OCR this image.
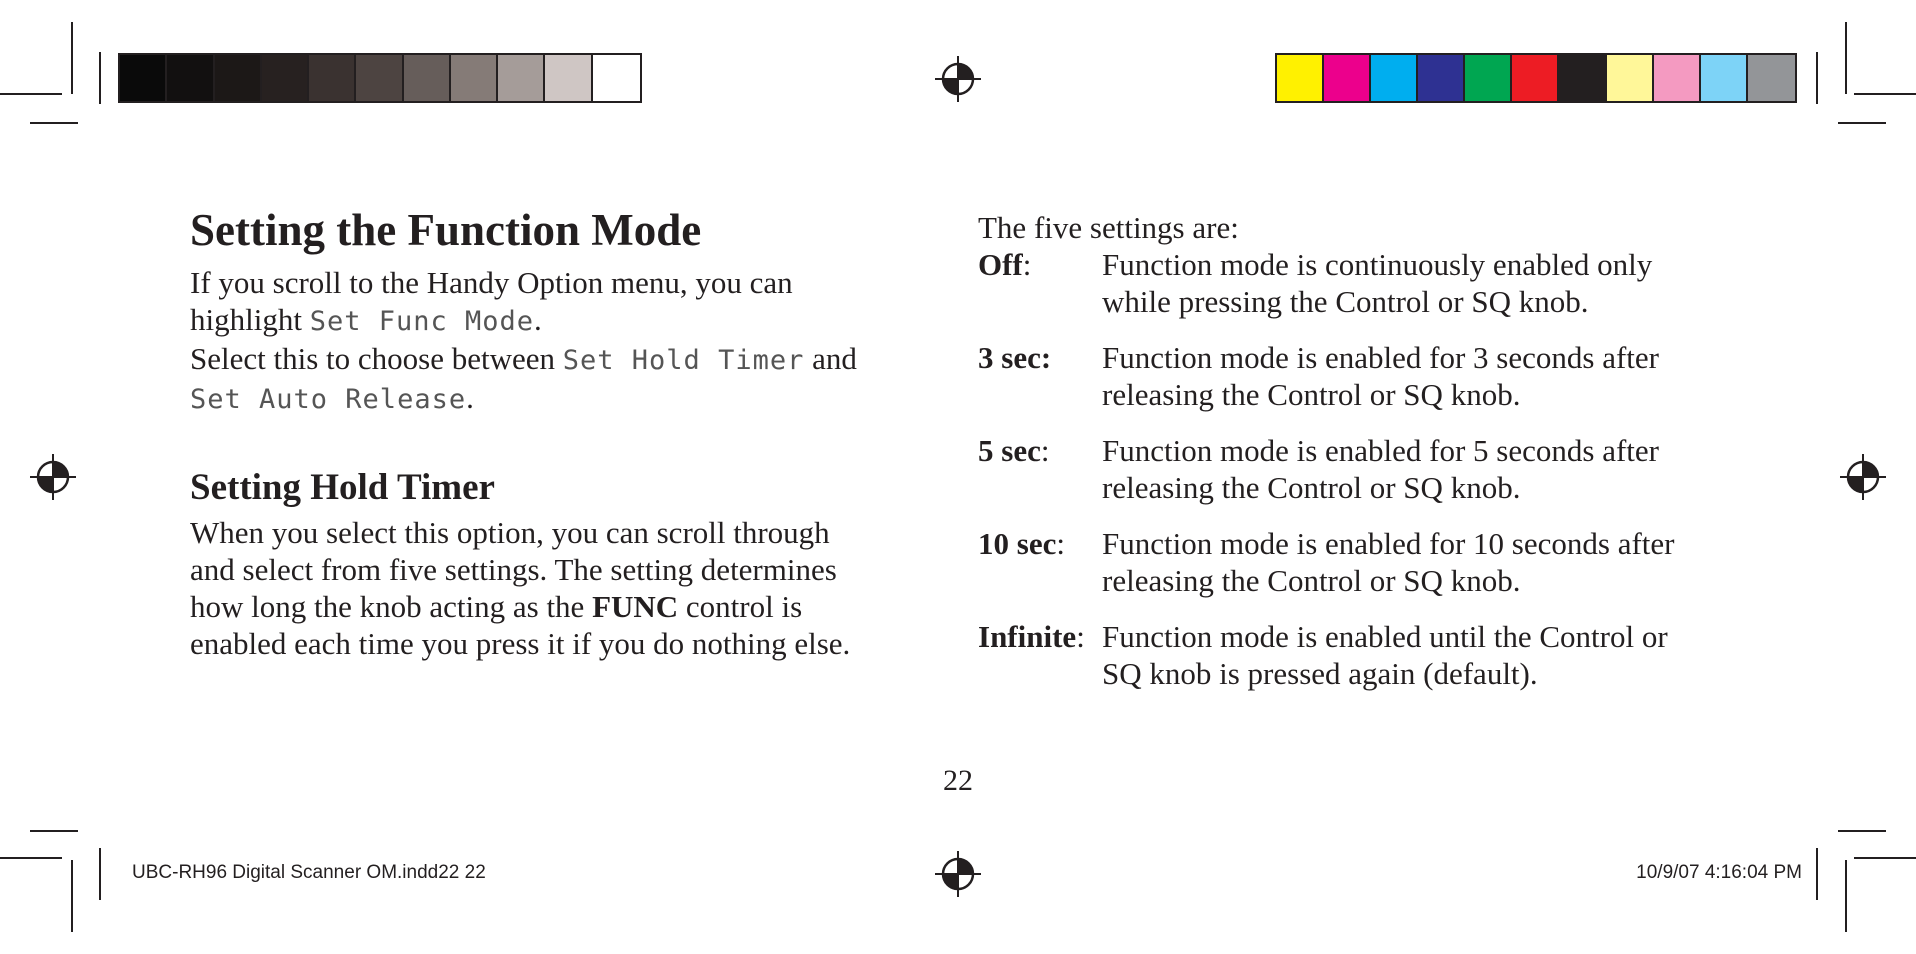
Setting the Function Mode
If you scroll to the Handy Option menu, you can
highlight Set Func Mode.
Select this to choose between Set Hold Timer and
Set Auto Release.
Setting Hold Timer
When you select this option, you can scroll through
and select from five settings. The setting determines
how long the knob acting as the FUNC control is
enabled each time you press it if you do nothing else.
The five settings are:
Off: Function mode is continuously enabled only
while pressing the Control or SQ knob.
3 sec: Function mode is enabled for 3 seconds after
releasing the Control or SQ knob.
5 sec: Function mode is enabled for 5 seconds after
releasing the Control or SQ knob.
10 sec: Function mode is enabled for 10 seconds after
releasing the Control or SQ knob.
Infinite: Function mode is enabled until the Control or
SQ knob is pressed again (default).
22
UBC-RH96 Digital Scanner OM.indd22 22	10/9/07 4:16:04 PM
